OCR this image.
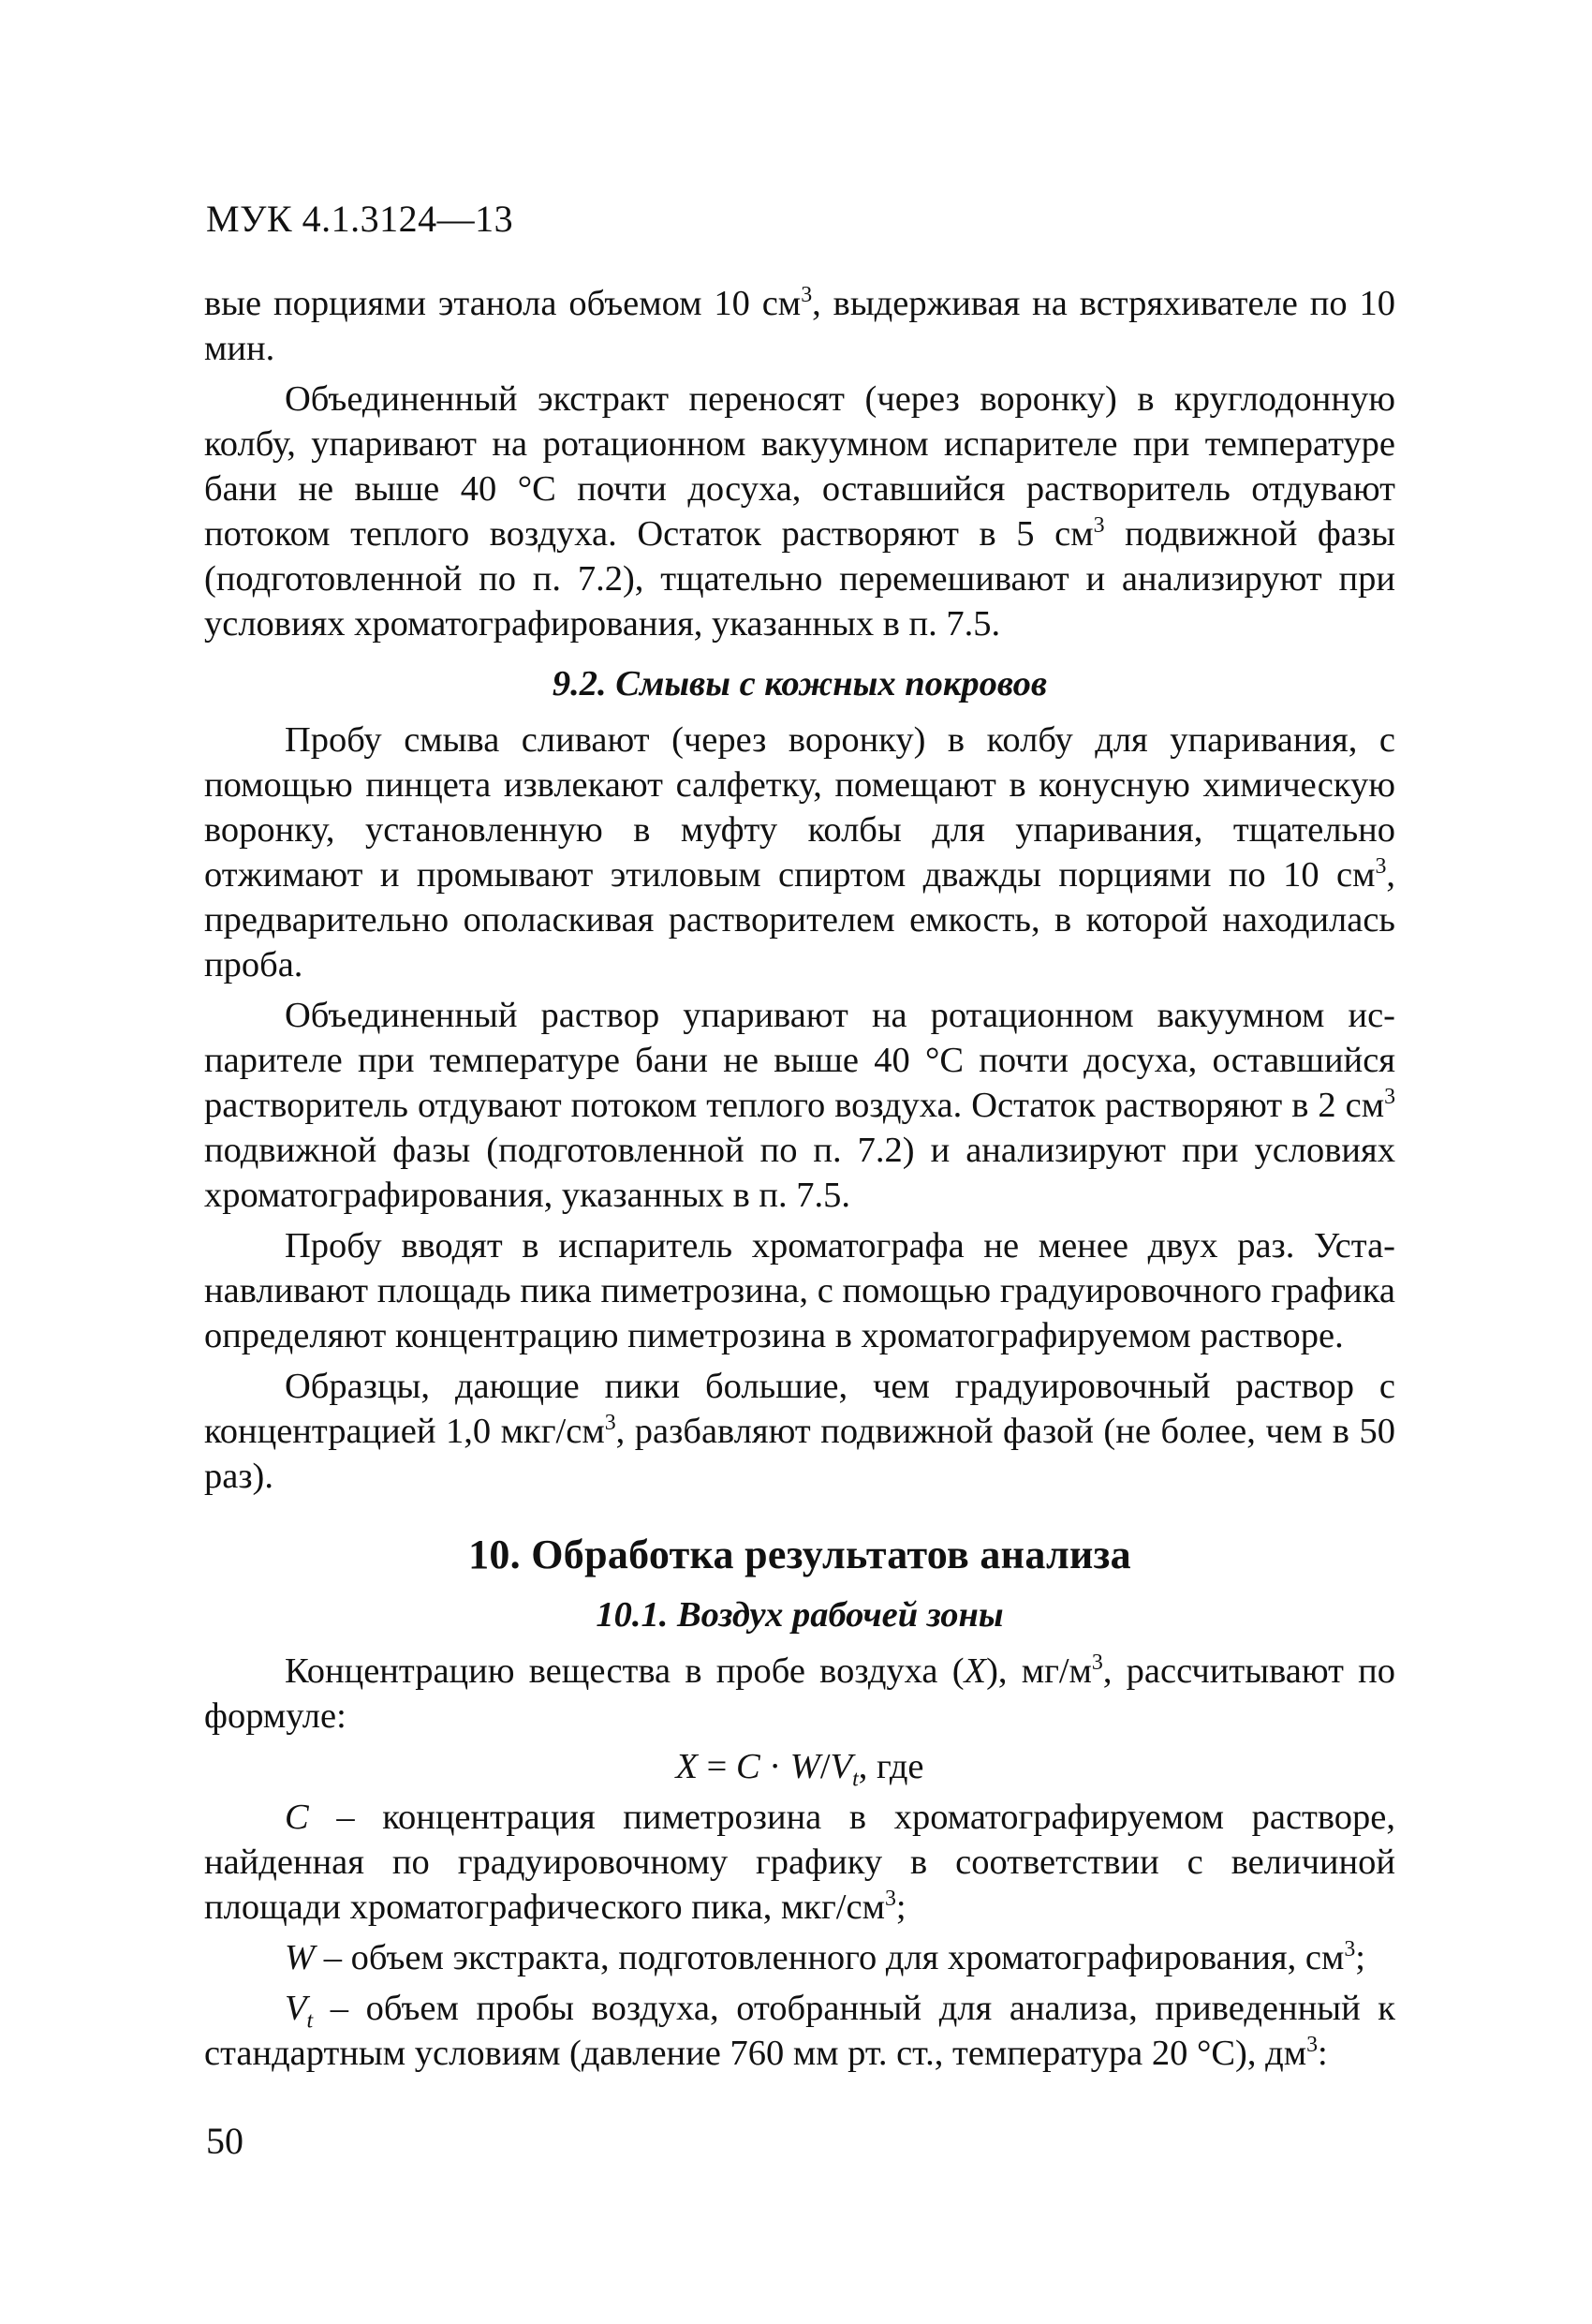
МУК 4.1.3124—13

вые порциями этанола объемом 10 $см^3$, выдерживая на встряхивателе по 10 мин.

Объединенный экстракт переносят (через воронку) в круглодонную колбу, упаривают на ротационном вакуумном испарителе при температуре бани не выше 40 °С почти досуха, оставшийся растворитель отдувают потоком теплого воздуха. Остаток растворяют в 5 $см^3$ подвижной фазы (подготовленной по п. 7.2), тщательно перемешивают и анализируют при условиях хроматографирования, указанных в п. 7.5.

9.2. Смывы с кожных покровов

Пробу смыва сливают (через воронку) в колбу для упаривания, с помощью пинцета извлекают салфетку, помещают в конусную химическую воронку, установленную в муфту колбы для упаривания, тщательно отжимают и промывают этиловым спиртом дважды порциями по 10 $см^3$, предварительно ополаскивая растворителем емкость, в которой находилась проба.

Объединенный раствор упаривают на ротационном вакуумном испарителе при температуре бани не выше 40 °С почти досуха, оставшийся растворитель отдувают потоком теплого воздуха. Остаток растворяют в 2 $см^3$ подвижной фазы (подготовленной по п. 7.2) и анализируют при условиях хроматографирования, указанных в п. 7.5.

Пробу вводят в испаритель хроматографа не менее двух раз. Устанавливают площадь пика пиметрозина, с помощью градуировочного графика определяют концентрацию пиметрозина в хроматографируемом растворе.

Образцы, дающие пики большие, чем градуировочный раствор с концентрацией 1,0 мкг/$см^3$, разбавляют подвижной фазой (не более, чем в 50 раз).

10. Обработка результатов анализа
10.1. Воздух рабочей зоны

Концентрацию вещества в пробе воздуха (X), $мг/м^3$, рассчитывают по формуле:

$X = C \cdot W/V_t$, где

C – концентрация пиметрозина в хроматографируемом растворе, найденная по градуировочному графику в соответствии с величиной площади хроматографического пика, мкг/$см^3$;

W – объем экстракта, подготовленного для хроматографирования, $см^3$;

$V_t$ – объем пробы воздуха, отобранный для анализа, приведенный к стандартным условиям (давление 760 мм рт. ст., температура 20 °С), $дм^3$:

50
